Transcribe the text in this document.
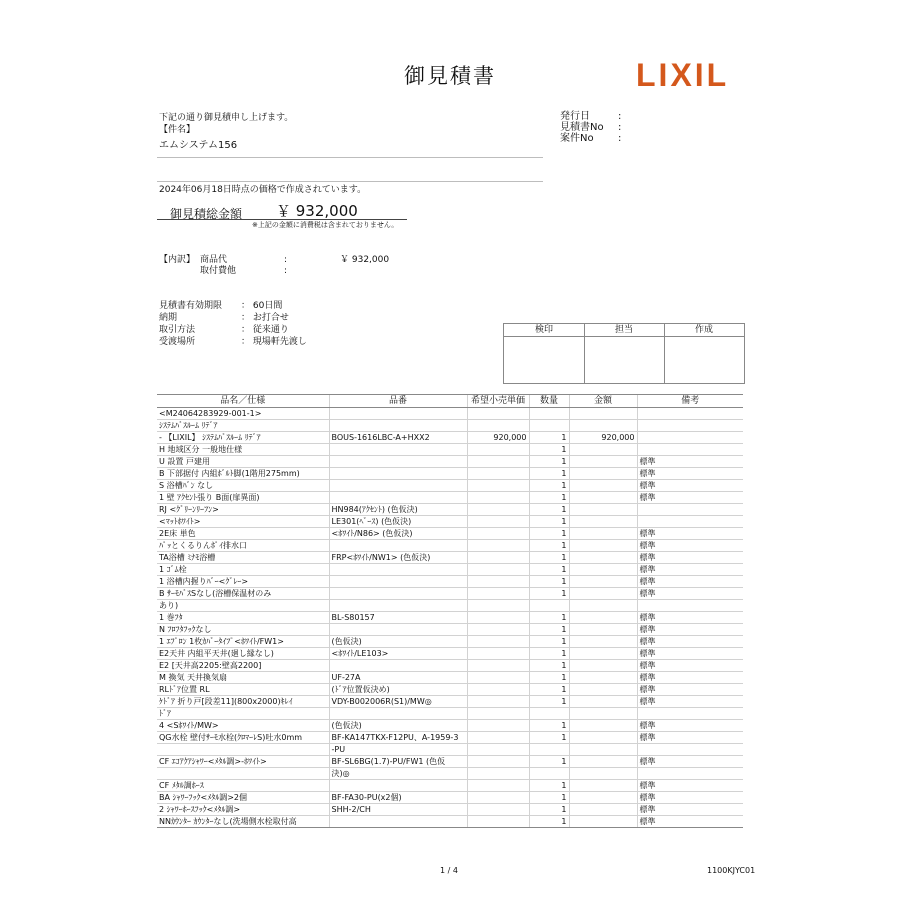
御見積書	LIXIL
下記の通り御見積申し上げます。
【件名】
エムシステム156
発行日	:
見積書No :
案件No :
2024年06月18日時点の価格で作成されています。
御見積総金額 ￥ 932,000
※上記の金額に消費税は含まれておりません。
【内訳】 商品代	:	￥ 932,000
取付費他	:
見積書有効期限 ： 60日間
納期	： お打合せ
取引方法	： 従来通り
受渡場所	： 現場軒先渡し
検印	担当	作成
品名／仕様	品番	希望小売単価	数量	金額	備考
<M24064283929-001-1>					
ｼｽﾃﾑﾊﾞｽﾙｰﾑ ﾘﾃﾞｱ					
- 【LIXIL】 ｼｽﾃﾑﾊﾞｽﾙｰﾑ ﾘﾃﾞｱ	BOUS-1616LBC-A+HXX2	920,000	1	920,000	
H 地域区分 一般地仕様			1		
U 設置 戸建用			1		標準
B 下部据付 内組ﾎﾞﾙﾄ脚(1階用275mm)			1		標準
S 浴槽ﾊﾞﾝ なし			1		標準
1 壁 ｱｸｾﾝﾄ張り B面(扉異面)			1		標準
RJ <ｸﾞﾘｰﾝﾘｰﾌﾝ>	HN984(ｱｸｾﾝﾄ) (色仮決)		1		
<ﾏｯﾄﾎﾜｲﾄ>	LE301(ﾍﾞｰｽ) (色仮決)		1		
2E床 単色	<ﾎﾜｲﾄ/N86> (色仮決)		1		標準
ﾊﾟｯとくるりんﾎﾟｲ排水口			1		標準
TA浴槽 ﾐﾅﾓ浴槽	FRP<ﾎﾜｲﾄ/NW1> (色仮決)		1		標準
1 ｺﾞﾑ栓			1		標準
1 浴槽内握りﾊﾞｰ<ｸﾞﾚｰ>			1		標準
B ｻｰﾓﾊﾞｽSなし(浴槽保温材のみ			1		標準
あり)					
1 巻ﾌﾀ	BL-S80157		1		標準
N ﾌﾛﾌﾀﾌｯｸなし			1		標準
1 ｴﾌﾟﾛﾝ 1枚ｶﾊﾞｰﾀｲﾌﾟ<ﾎﾜｲﾄ/FW1>	(色仮決)		1		標準
E2天井 内組平天井(廻し縁なし)	<ﾎﾜｲﾄ/LE103>		1		標準
E2 [天井高2205:壁高2200]			1		標準
M 換気 天井換気扇	UF-27A		1		標準
RLﾄﾞｱ位置 RL	(ﾄﾞｱ位置仮決め)		1		標準
ｹﾄﾞｱ 折り戸[段差11](800x2000)ｷﾚｲ	VDY-B002006R(S1)/MW◎		1		標準
ﾄﾞｱ					
4 <Sﾎﾜｲﾄ/MW>	(色仮決)		1		標準
QG水栓 壁付ｻｰﾓ水栓(ｸﾛﾏｰﾚS)吐水0mm	BF-KA147TKX-F12PU、A-1959-3		1		標準
	-PU				
CF ｴｺｱｸｱｼｬﾜｰ<ﾒﾀﾙ調>-ﾎﾜｲﾄ>	BF-SL6BG(1.7)-PU/FW1 (色仮		1		標準
	決)◎				
CF ﾒﾀﾙ調ﾎｰｽ			1		標準
BA ｼｬﾜｰﾌｯｸ<ﾒﾀﾙ調>2個	BF-FA30-PU(x2個)		1		標準
2 ｼｬﾜｰﾎｰｽﾌｯｸ<ﾒﾀﾙ調>	SHH-2/CH		1		標準
NNｶｳﾝﾀｰ ｶｳﾝﾀｰなし(洗場側水栓取付高			1		標準
1 / 4	1100KJYC01
